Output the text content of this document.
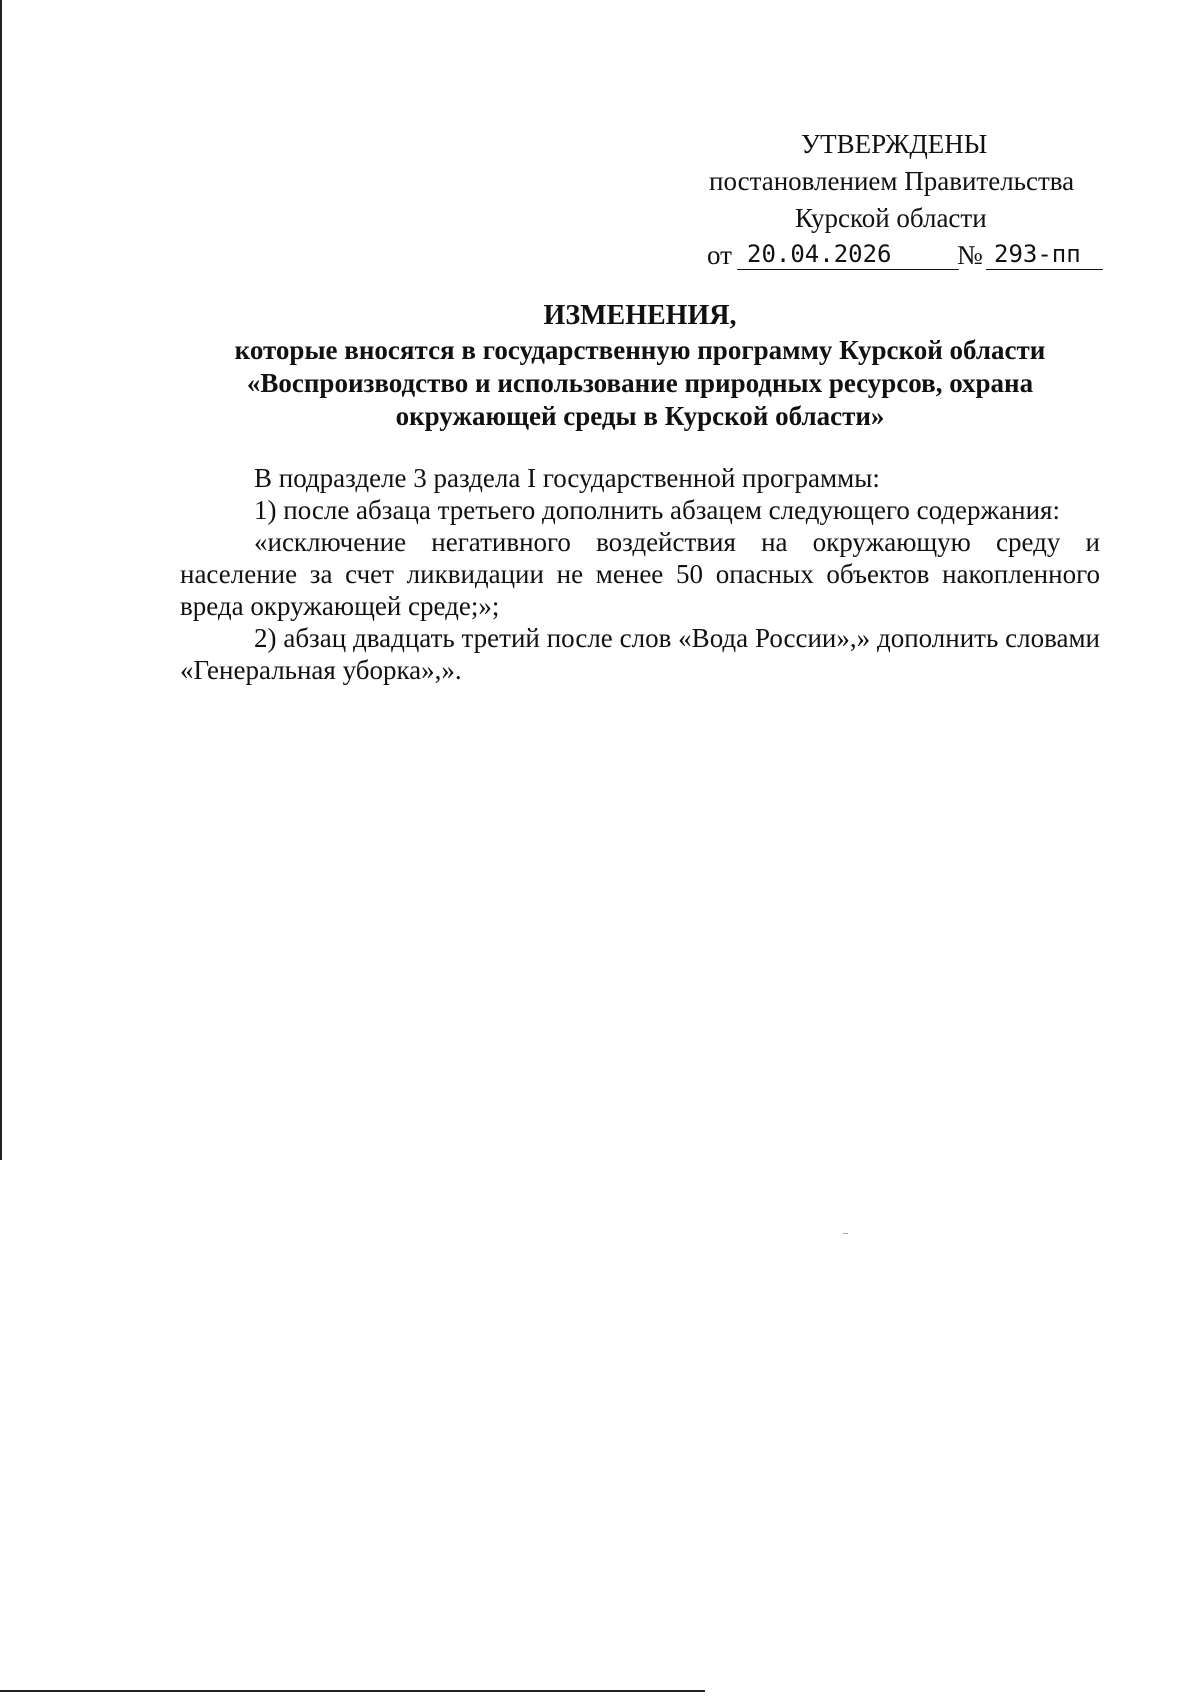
УТВЕРЖДЕНЫ
постановлением Правительства
Курской области
от 20.04.2026	№ 293-пп
ИЗМЕНЕНИЯ,
которые вносятся в государственную программу Курской области
«Воспроизводство и использование природных ресурсов, охрана
окружающей среды в Курской области»

В подразделе 3 раздела I государственной программы:

1) после абзаца третьего дополнить абзацем следующего содержания:

«исключение негативного воздействия на окружающую среду и население за счет ликвидации не менее 50 опасных объектов накопленного вреда окружающей среде;»;

2) абзац двадцать третий после слов «Вода России»,» дополнить словами «Генеральная уборка»,».
